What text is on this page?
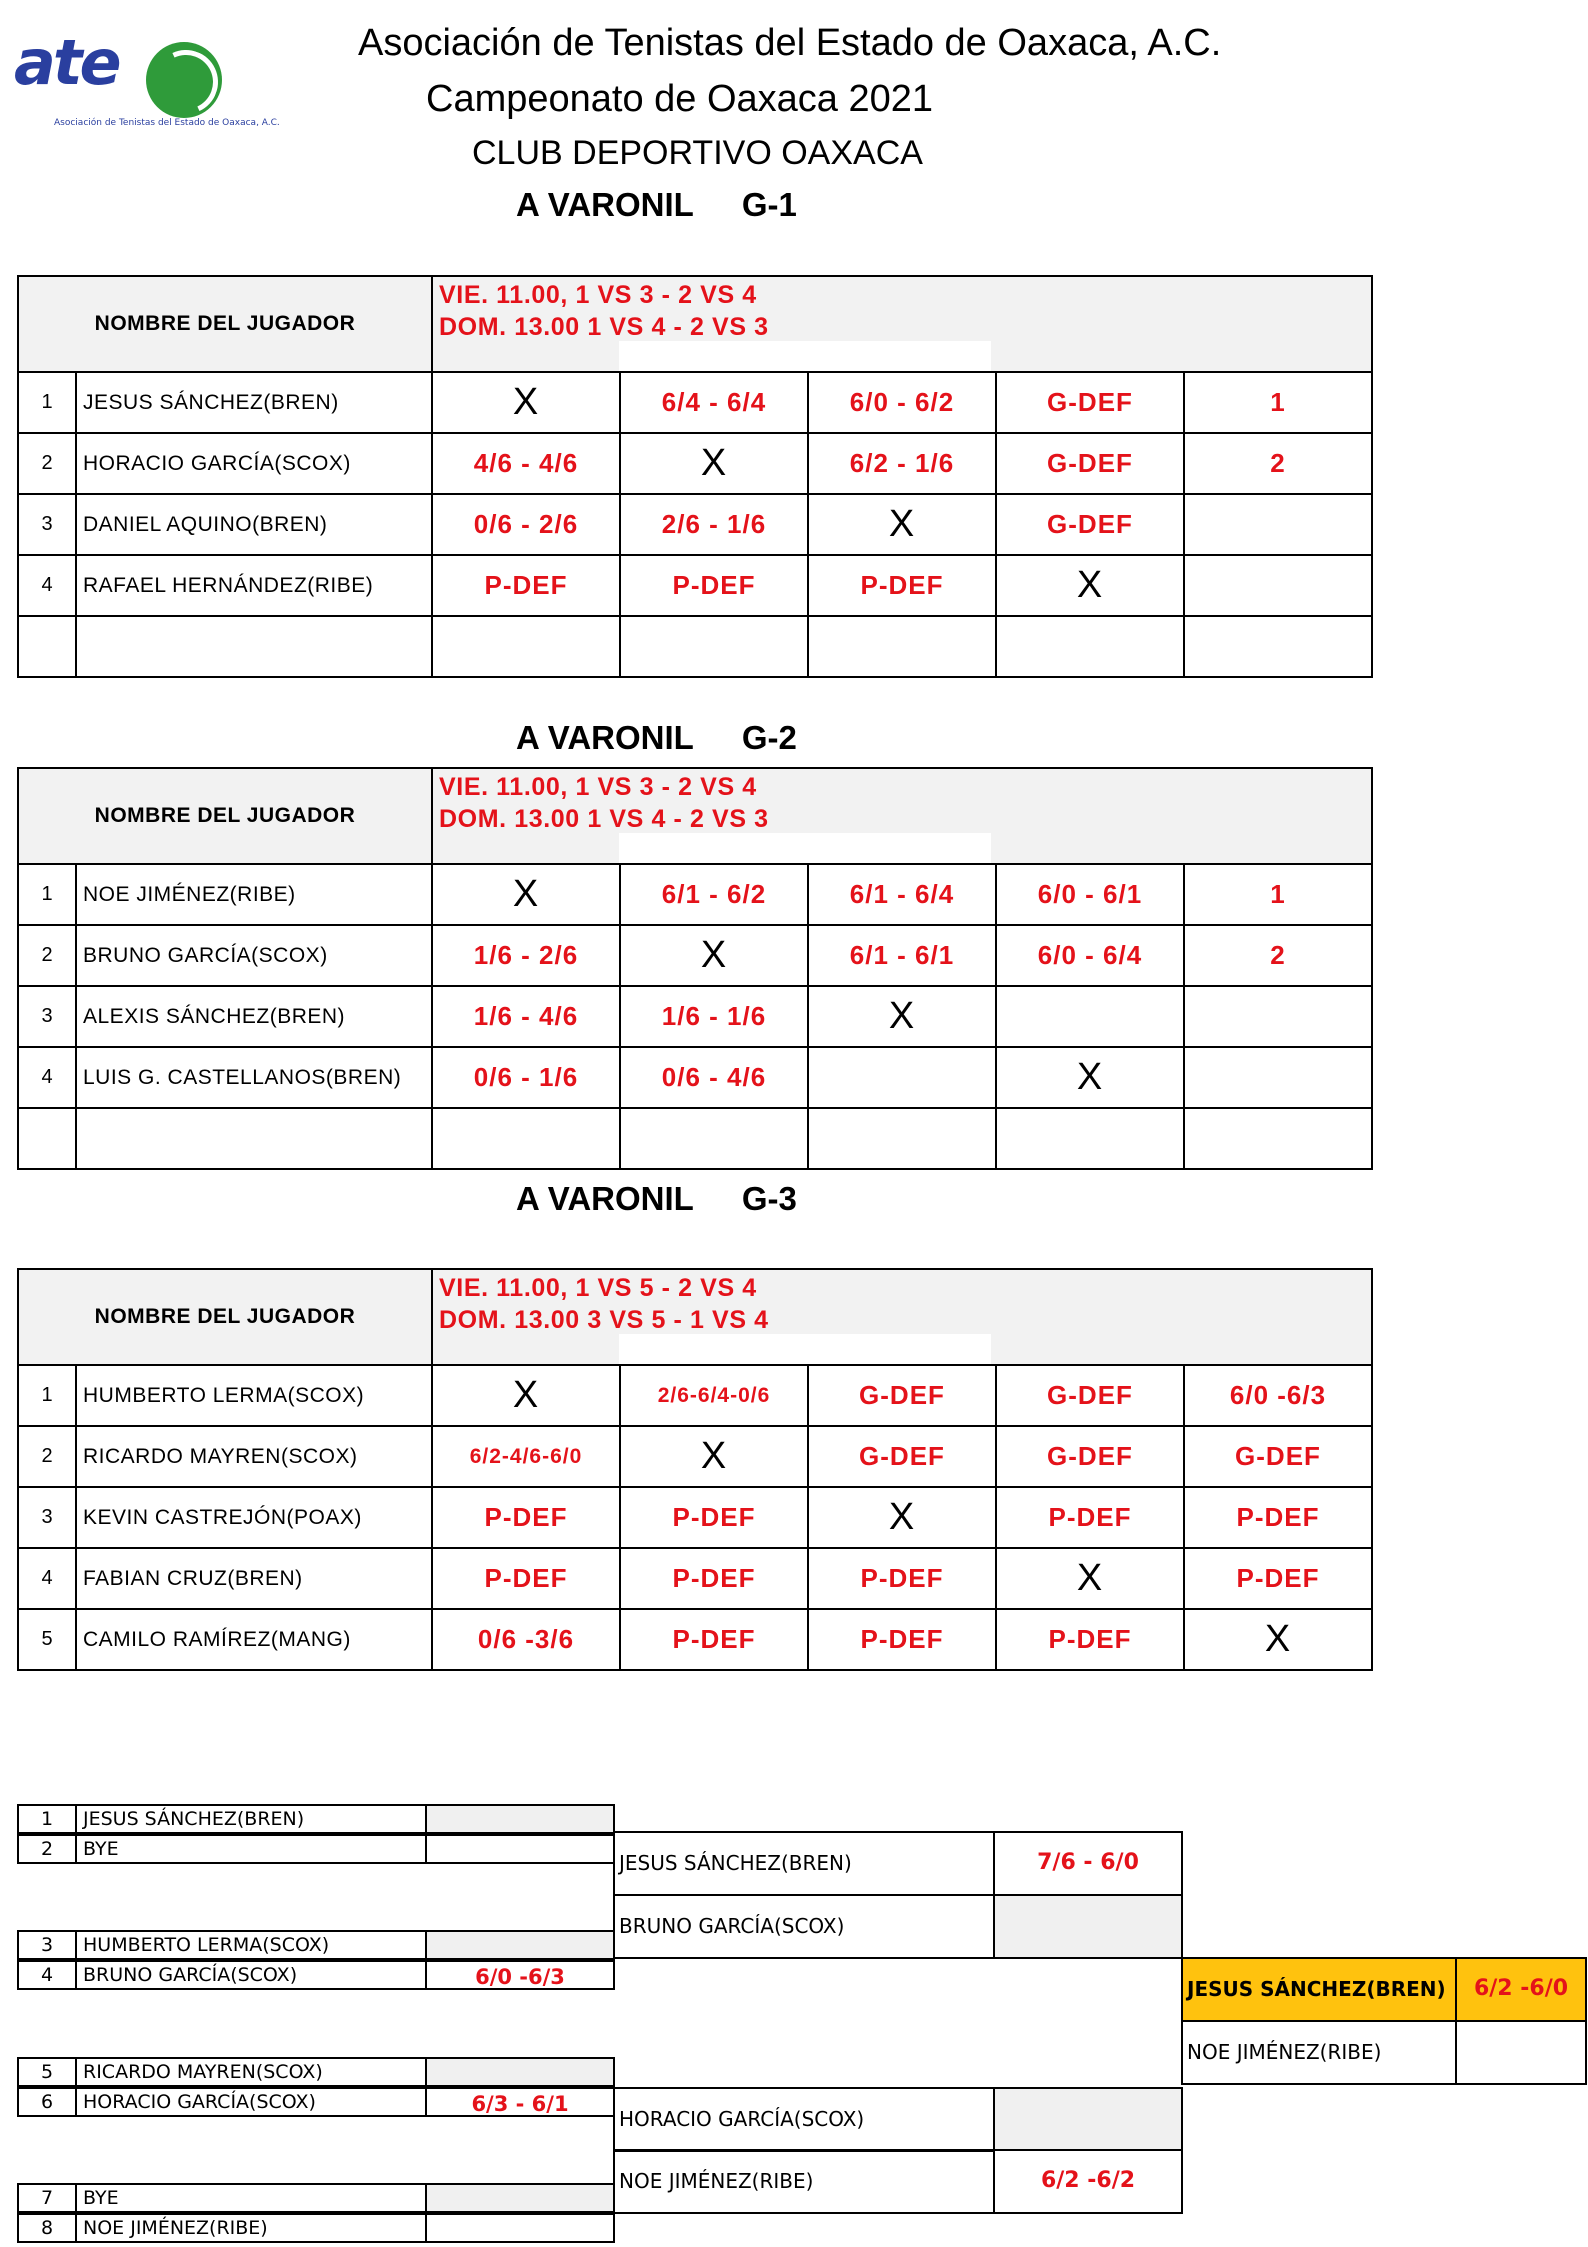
ate
Asociación de Tenistas del Estado de Oaxaca, A.C.
Asociación de Tenistas del Estado de Oaxaca, A.C.
Campeonato de Oaxaca 2021
CLUB DEPORTIVO OAXACA
A VARONIL G-1
A VARONIL G-2
A VARONIL G-3
NOMBRE DEL JUGADOR		VIE. 11.00, 1 VS 3 - 2 VS 4
DOM. 13.00 1 VS 4 - 2 VS 3				

1	JESUS SÁNCHEZ(BREN)	X	6/4 - 6/4	6/0 - 6/2	G-DEF	1
2	HORACIO GARCÍA(SCOX)	4/6 - 4/6	X	6/2 - 1/6	G-DEF	2
3	DANIEL AQUINO(BREN)	0/6 - 2/6	2/6 - 1/6	X	G-DEF	
4	RAFAEL HERNÁNDEZ(RIBE)	P-DEF	P-DEF	P-DEF	X	

NOMBRE DEL JUGADOR		VIE. 11.00, 1 VS 3 - 2 VS 4
DOM. 13.00 1 VS 4 - 2 VS 3				

1	NOE JIMÉNEZ(RIBE)	X	6/1 - 6/2	6/1 - 6/4	6/0 - 6/1	1
2	BRUNO GARCÍA(SCOX)	1/6 - 2/6	X	6/1 - 6/1	6/0 - 6/4	2
3	ALEXIS SÁNCHEZ(BREN)	1/6 - 4/6	1/6 - 1/6	X		
4	LUIS G. CASTELLANOS(BREN)	0/6 - 1/6	0/6 - 4/6		X	

NOMBRE DEL JUGADOR		VIE. 11.00, 1 VS 5 - 2 VS 4
DOM. 13.00 3 VS 5 - 1 VS 4				

1	HUMBERTO LERMA(SCOX)	X	2/6-6/4-0/6	G-DEF	G-DEF	6/0 -6/3
2	RICARDO MAYREN(SCOX)	6/2-4/6-6/0	X	G-DEF	G-DEF	G-DEF
3	KEVIN CASTREJÓN(POAX)	P-DEF	P-DEF	X	P-DEF	P-DEF
4	FABIAN CRUZ(BREN)	P-DEF	P-DEF	P-DEF	X	P-DEF
5	CAMILO RAMÍREZ(MANG)	0/6 -3/6	P-DEF	P-DEF	P-DEF	X
1	JESUS SÁNCHEZ(BREN)
2	BYE
3	HUMBERTO LERMA(SCOX)
4	BRUNO GARCÍA(SCOX)	6/0 -6/3
5	RICARDO MAYREN(SCOX)
6	HORACIO GARCÍA(SCOX)	6/3 - 6/1
7	BYE
8	NOE JIMÉNEZ(RIBE)
JESUS SÁNCHEZ(BREN)	7/6 - 6/0
BRUNO GARCÍA(SCOX)
HORACIO GARCÍA(SCOX)
NOE JIMÉNEZ(RIBE)	6/2 -6/2
JESUS SÁNCHEZ(BREN)	6/2 -6/0
NOE JIMÉNEZ(RIBE)
